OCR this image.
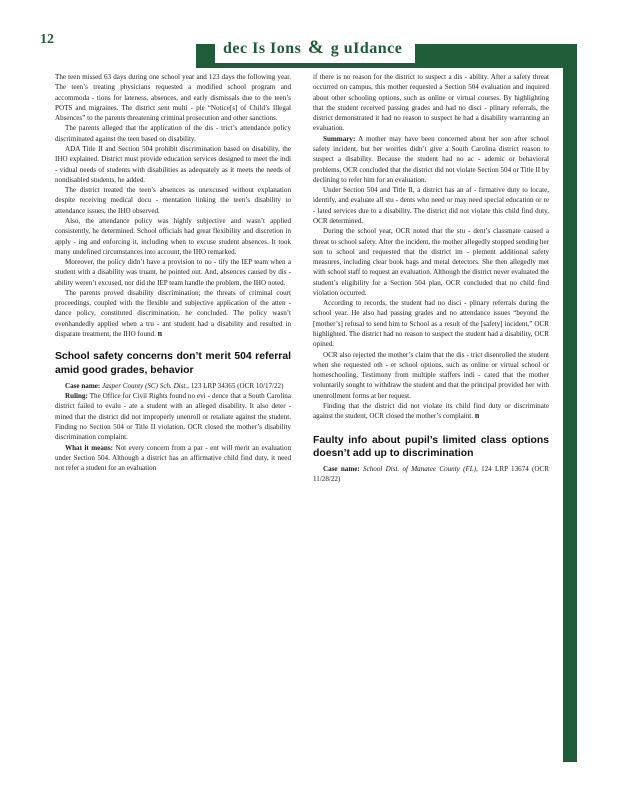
12
dec Is Ions & g uIdance

The teen missed 63 days during one school year and 123 days the following year. The teen’s treating physicians requested a modified school program and accommoda - tions for lateness, absences, and early dismissals due to the teen’s POTS and migraines. The district sent multi - ple “Notice[s] of Child’s Illegal Absences” to the parents threatening criminal prosecution and other sanctions.

The parents alleged that the application of the dis - trict’s attendance policy discriminated against the teen based on disability.

ADA Title II and Section 504 prohibit discrimination based on disability, the IHO explained. District must provide education services designed to meet the indi - vidual needs of students with disabilities as adequately as it meets the needs of nondisabled students, he added.

The district treated the teen’s absences as unexcused without explanation despite receiving medical docu - mentation linking the teen’s disability to attendance issues, the IHO observed.

Also, the attendance policy was highly subjective and wasn’t applied consistently, he determined. School officials had great flexibility and discretion in apply - ing and enforcing it, including when to excuse student absences. It took many undefined circumstances into account, the IHO remarked.

Moreover, the policy didn’t have a provision to no - tify the IEP team when a student with a disability was truant, he pointed out. And, absences caused by dis - ability weren’t excused, nor did the IEP team handle the problem, the IHO noted.

The parents proved disability discrimination; the threats of criminal court proceedings, coupled with the flexible and subjective application of the atten - dance policy, constituted discrimination, he concluded. The policy wasn’t evenhandedly applied when a tru - ant student had a disability and resulted in disparate treatment, the IHO found. n

School safety concerns don’t merit 504 referral amid good grades, behavior

Case name: Jasper County (SC) Sch. Dist., 123 LRP 34365 (OCR 10/17/22)

Ruling: The Office for Civil Rights found no evi - dence that a South Carolina district failed to evalu - ate a student with an alleged disability. It also deter - mined that the district did not improperly unenroll or retaliate against the student. Finding no Section 504 or Title II violation, OCR closed the mother’s disability discrimination complaint.

What it means: Not every concern from a par - ent will merit an evaluation under Section 504. Although a district has an affirmative child find duty, it need not refer a student for an evaluation

if there is no reason for the district to suspect a dis - ability. After a safety threat occurred on campus, this mother requested a Section 504 evaluation and inquired about other schooling options, such as online or virtual courses. By highlighting that the student received passing grades and had no disci - plinary referrals, the district demonstrated it had no reason to suspect he had a disability warranting an evaluation.

Summary: A mother may have been concerned about her son after school safety incident, but her worries didn’t give a South Carolina district reason to suspect a disability. Because the student had no ac - ademic or behavioral problems, OCR concluded that the district did not violate Section 504 or Title II by declining to refer him for an evaluation.

Under Section 504 and Title II, a district has an af - firmative duty to locate, identify, and evaluate all stu - dents who need or may need special education or re - lated services due to a disability. The district did not violate this child find duty, OCR determined.

During the school year, OCR noted that the stu - dent’s classmate caused a threat to school safety. After the incident, the mother allegedly stopped sending her son to school and requested that the district im - plement additional safety measures, including clear book bags and metal detectors. She then allegedly met with school staff to request an evaluation. Although the district never evaluated the student’s eligibility for a Section 504 plan, OCR concluded that no child find violation occurred.

According to records, the student had no disci - plinary referrals during the school year. He also had passing grades and no attendance issues “beyond the [mother’s] refusal to send him to School as a result of the [safety] incident,” OCR highlighted. The district had no reason to suspect the student had a disability, OCR opined.

OCR also rejected the mother’s claim that the dis - trict disenrolled the student when she requested oth - er school options, such as online or virtual school or homeschooling. Testimony from multiple staffers indi - cated that the mother voluntarily sought to withdraw the student and that the principal provided her with unenrollment forms at her request.

Finding that the district did not violate its child find duty or discriminate against the student, OCR closed the mother’s complaint. n

Faulty info about pupil’s limited class options doesn’t add up to discrimination

Case name: School Dist. of Manatee County (FL), 124 LRP 13674 (OCR 11/28/22)
